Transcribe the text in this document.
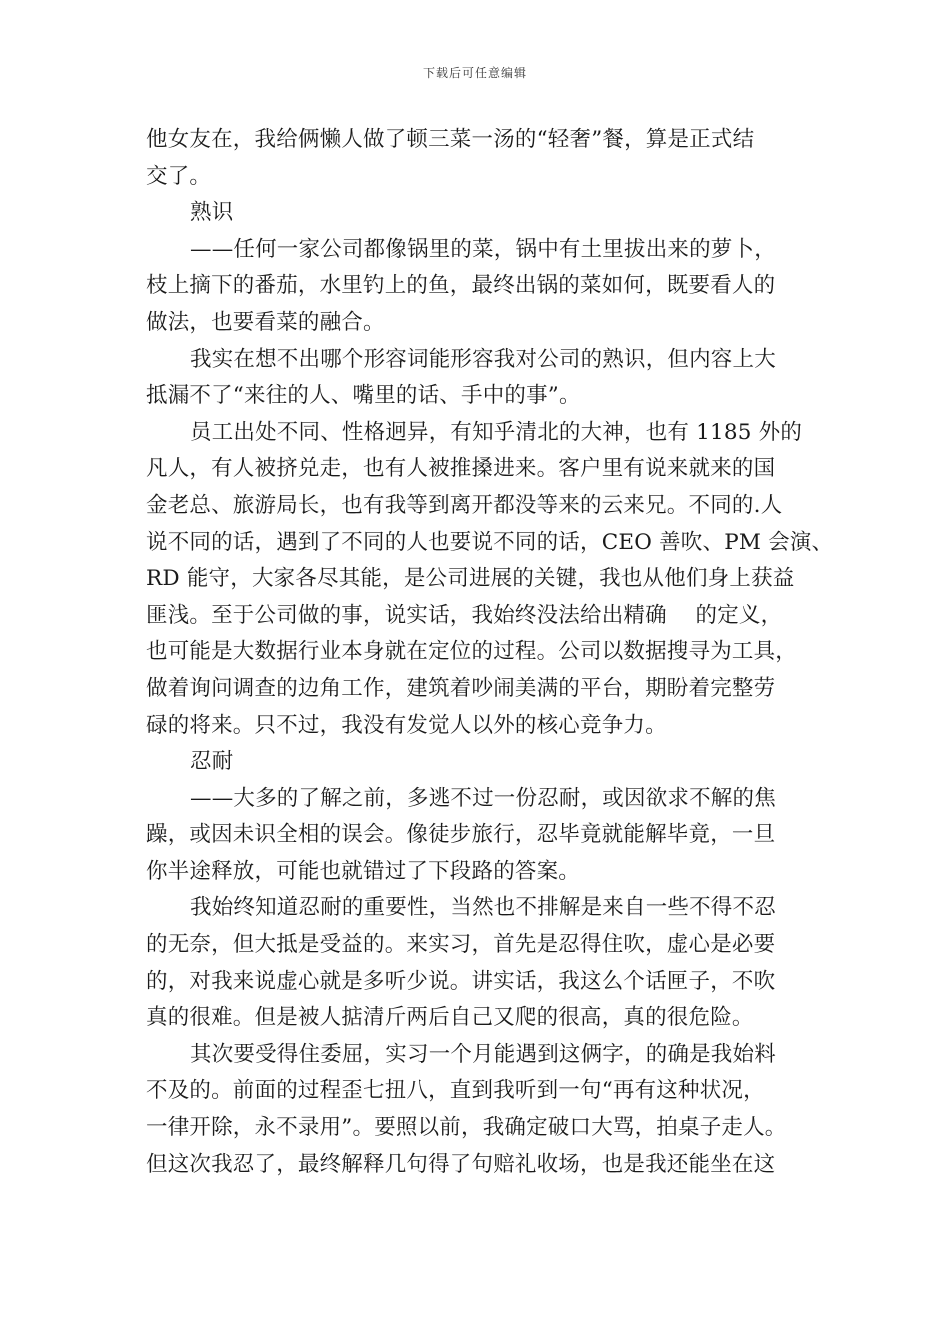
下载后可任意编辑
他女友在，我给俩懒人做了顿三菜一汤的“轻奢”餐，算是正式结
交了。
熟识
——任何一家公司都像锅里的菜，锅中有土里拔出来的萝卜，
枝上摘下的番茄，水里钓上的鱼，最终出锅的菜如何，既要看人的
做法，也要看菜的融合。
我实在想不出哪个形容词能形容我对公司的熟识，但内容上大
抵漏不了“来往的人、嘴里的话、手中的事”。
员工出处不同、性格迥异，有知乎清北的大神，也有 1185 外的
凡人，有人被挤兑走，也有人被推搡进来。客户里有说来就来的国
金老总、旅游局长，也有我等到离开都没等来的云来兄。不同的.人
说不同的话，遇到了不同的人也要说不同的话，CEO 善吹、PM 会演、
RD 能守，大家各尽其能，是公司进展的关键，我也从他们身上获益
匪浅。至于公司做的事，说实话，我始终没法给出精确　 的定义，
也可能是大数据行业本身就在定位的过程。公司以数据搜寻为工具，
做着询问调查的边角工作，建筑着吵闹美满的平台，期盼着完整劳
碌的将来。只不过，我没有发觉人以外的核心竞争力。
忍耐
——大多的了解之前，多逃不过一份忍耐，或因欲求不解的焦
躁，或因未识全相的误会。像徒步旅行，忍毕竟就能解毕竟，一旦
你半途释放，可能也就错过了下段路的答案。
我始终知道忍耐的重要性，当然也不排解是来自一些不得不忍
的无奈，但大抵是受益的。来实习，首先是忍得住吹，虚心是必要
的，对我来说虚心就是多听少说。讲实话，我这么个话匣子，不吹
真的很难。但是被人掂清斤两后自己又爬的很高，真的很危险。
其次要受得住委屈，实习一个月能遇到这俩字，的确是我始料
不及的。前面的过程歪七扭八，直到我听到一句“再有这种状况，
一律开除，永不录用”。要照以前，我确定破口大骂，拍桌子走人。
但这次我忍了，最终解释几句得了句赔礼收场，也是我还能坐在这
